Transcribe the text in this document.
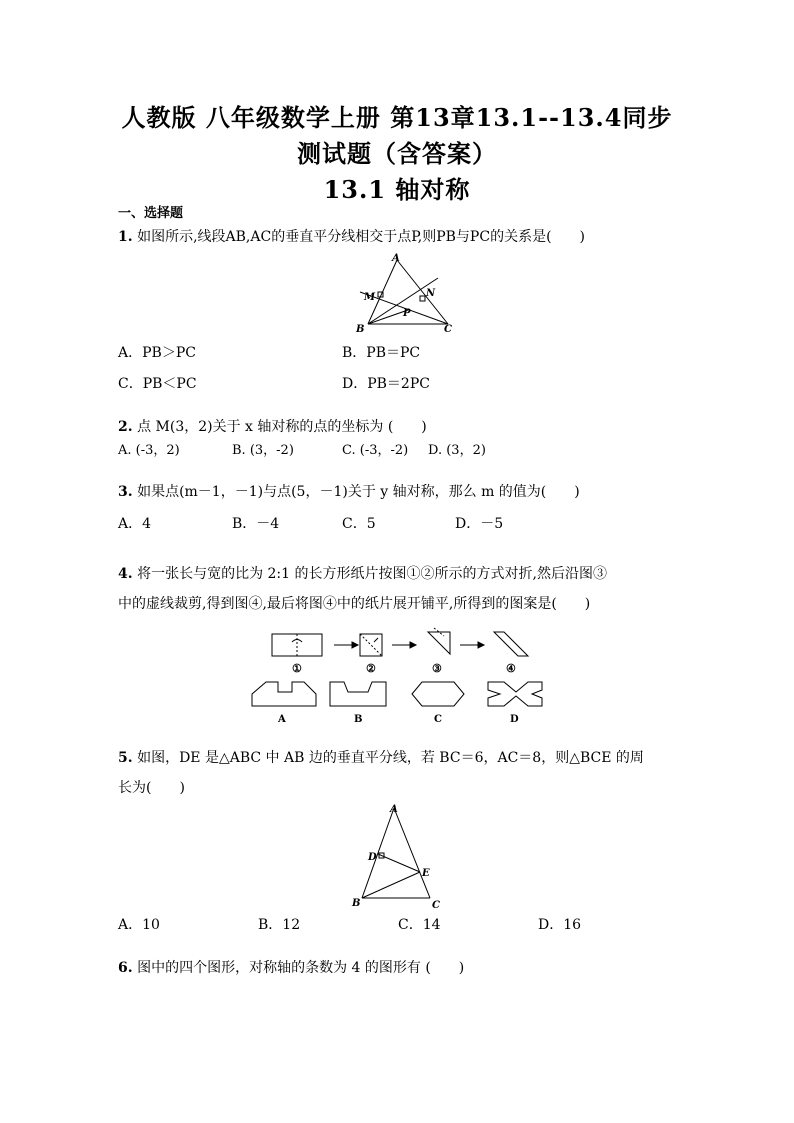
人教版 八年级数学上册 第13章13.1--13.4同步
测试题（含答案）
13.1 轴对称
一、选择题
1. 如图所示,线段AB,AC的垂直平分线相交于点P,则PB与PC的关系是(　　)
A
B	C
M	N
P
A．PB＞PC	B．PB＝PC
C．PB＜PC	D．PB＝2PC
2. 点 M(3，2)关于 x 轴对称的点的坐标为 (　　)
A. (-3，2)	B. (3，-2)	C. (-3，-2) D. (3，2)
3. 如果点(m－1，－1)与点(5，－1)关于 y 轴对称，那么 m 的值为(　　)
A．4	B．－4	C．5	D．－5
4. 将一张长与宽的比为 2:1 的长方形纸片按图①②所示的方式对折,然后沿图③
中的虚线裁剪,得到图④,最后将图④中的纸片展开铺平,所得到的图案是(　　)
①	②	③	④
A	B	C	D
5. 如图，DE 是△ABC 中 AB 边的垂直平分线，若 BC＝6，AC＝8，则△BCE 的周
长为(　　)
A
B	C
D
E
A．10	B．12	C．14	D．16
6. 图中的四个图形，对称轴的条数为 4 的图形有 (　　)
